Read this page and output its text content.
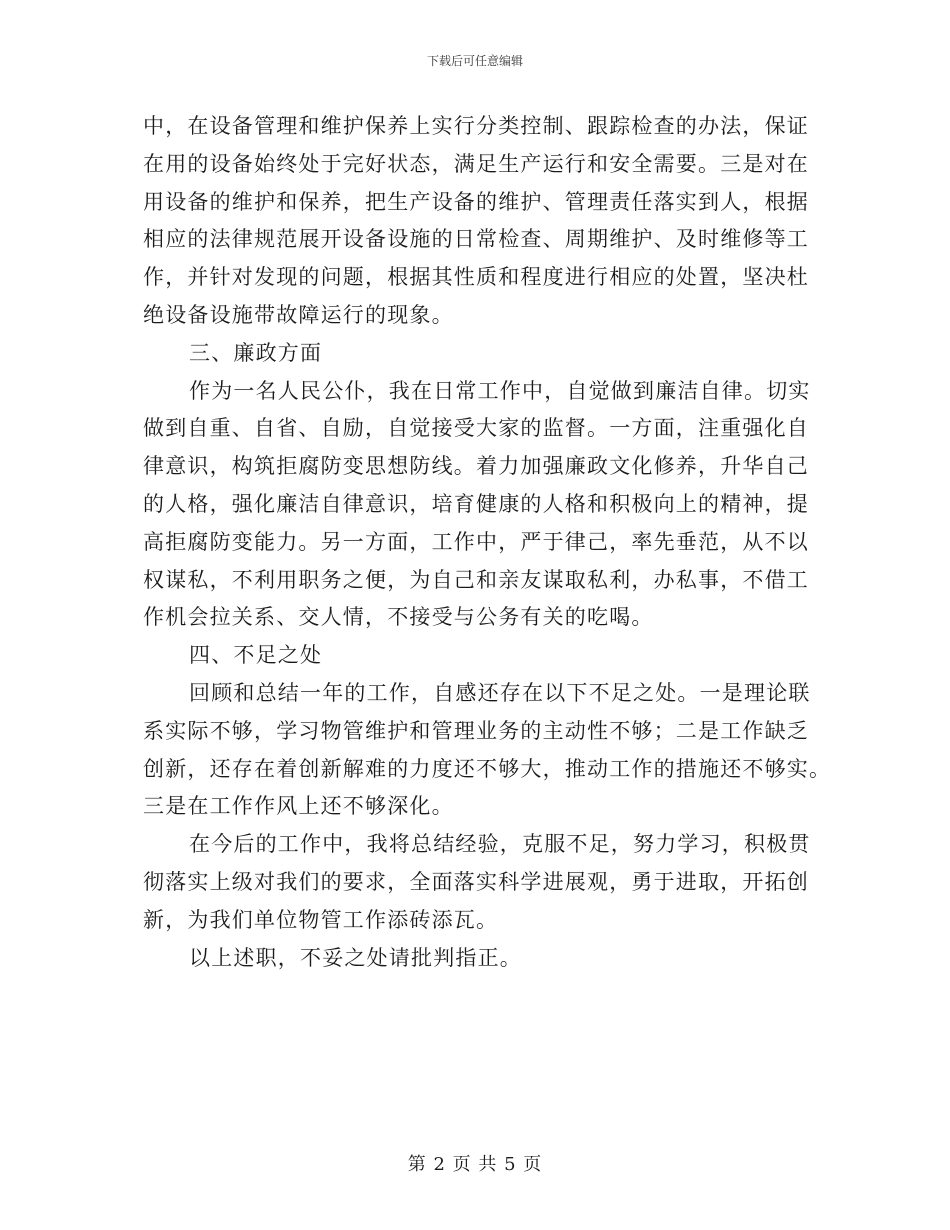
下载后可任意编辑
中，在设备管理和维护保养上实行分类控制、跟踪检查的办法，保证
在用的设备始终处于完好状态，满足生产运行和安全需要。三是对在
用设备的维护和保养，把生产设备的维护、管理责任落实到人，根据
相应的法律规范展开设备设施的日常检查、周期维护、及时维修等工
作，并针对发现的问题，根据其性质和程度进行相应的处置，坚决杜
绝设备设施带故障运行的现象。
三、廉政方面
作为一名人民公仆，我在日常工作中，自觉做到廉洁自律。切实
做到自重、自省、自励，自觉接受大家的监督。一方面，注重强化自
律意识，构筑拒腐防变思想防线。着力加强廉政文化修养，升华自己
的人格，强化廉洁自律意识，培育健康的人格和积极向上的精神，提
高拒腐防变能力。另一方面，工作中，严于律己，率先垂范，从不以
权谋私，不利用职务之便，为自己和亲友谋取私利，办私事，不借工
作机会拉关系、交人情，不接受与公务有关的吃喝。
四、不足之处
回顾和总结一年的工作，自感还存在以下不足之处。一是理论联
系实际不够，学习物管维护和管理业务的主动性不够；二是工作缺乏
创新，还存在着创新解难的力度还不够大，推动工作的措施还不够实。
三是在工作作风上还不够深化。
在今后的工作中，我将总结经验，克服不足，努力学习，积极贯
彻落实上级对我们的要求，全面落实科学进展观，勇于进取，开拓创
新，为我们单位物管工作添砖添瓦。
以上述职，不妥之处请批判指正。
第 2 页 共 5 页
